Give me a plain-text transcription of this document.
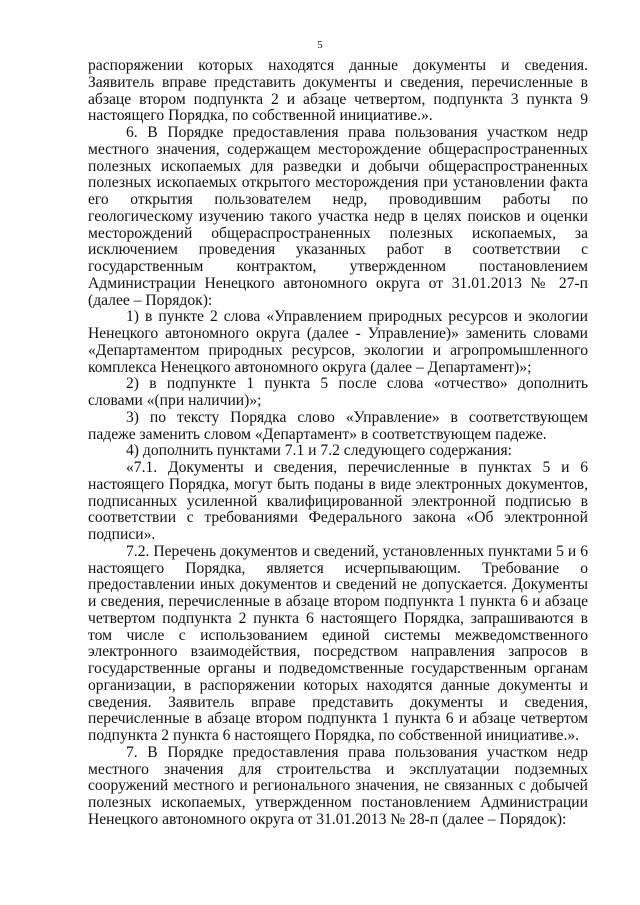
5

распоряжении которых находятся данные документы и сведения. Заявитель вправе представить документы и сведения, перечисленные в абзаце втором подпункта 2 и абзаце четвертом, подпункта 3 пункта 9 настоящего Порядка, по собственной инициативе.».

6. В Порядке предоставления права пользования участком недр местного значения, содержащем месторождение общераспространенных полезных ископаемых для разведки и добычи общераспространенных полезных ископаемых открытого месторождения при установлении факта его открытия пользователем недр, проводившим работы по геологическому изучению такого участка недр в целях поисков и оценки месторождений общераспространенных полезных ископаемых, за исключением проведения указанных работ в соответствии с государственным контрактом, утвержденном постановлением Администрации Ненецкого автономного округа от 31.01.2013 № 27-п (далее – Порядок):

1) в пункте 2 слова «Управлением природных ресурсов и экологии Ненецкого автономного округа (далее - Управление)» заменить словами «Департаментом природных ресурсов, экологии и агропромышленного комплекса Ненецкого автономного округа (далее – Департамент)»;

2) в подпункте 1 пункта 5 после слова «отчество» дополнить словами «(при наличии)»;

3) по тексту Порядка слово «Управление» в соответствующем падеже заменить словом «Департамент» в соответствующем падеже.

4) дополнить пунктами 7.1 и 7.2 следующего содержания:

«7.1. Документы и сведения, перечисленные в пунктах 5 и 6 настоящего Порядка, могут быть поданы в виде электронных документов, подписанных усиленной квалифицированной электронной подписью в соответствии с требованиями Федерального закона «Об электронной подписи».

7.2. Перечень документов и сведений, установленных пунктами 5 и 6 настоящего Порядка, является исчерпывающим. Требование о предоставлении иных документов и сведений не допускается. Документы и сведения, перечисленные в абзаце втором подпункта 1 пункта 6 и абзаце четвертом подпункта 2 пункта 6 настоящего Порядка, запрашиваются в том числе с использованием единой системы межведомственного электронного взаимодействия, посредством направления запросов в государственные органы и подведомственные государственным органам организации, в распоряжении которых находятся данные документы и сведения. Заявитель вправе представить документы и сведения, перечисленные в абзаце втором подпункта 1 пункта 6 и абзаце четвертом подпункта 2 пункта 6 настоящего Порядка, по собственной инициативе.».

7. В Порядке предоставления права пользования участком недр местного значения для строительства и эксплуатации подземных сооружений местного и регионального значения, не связанных с добычей полезных ископаемых, утвержденном постановлением Администрации Ненецкого автономного округа от 31.01.2013 № 28-п (далее – Порядок):
